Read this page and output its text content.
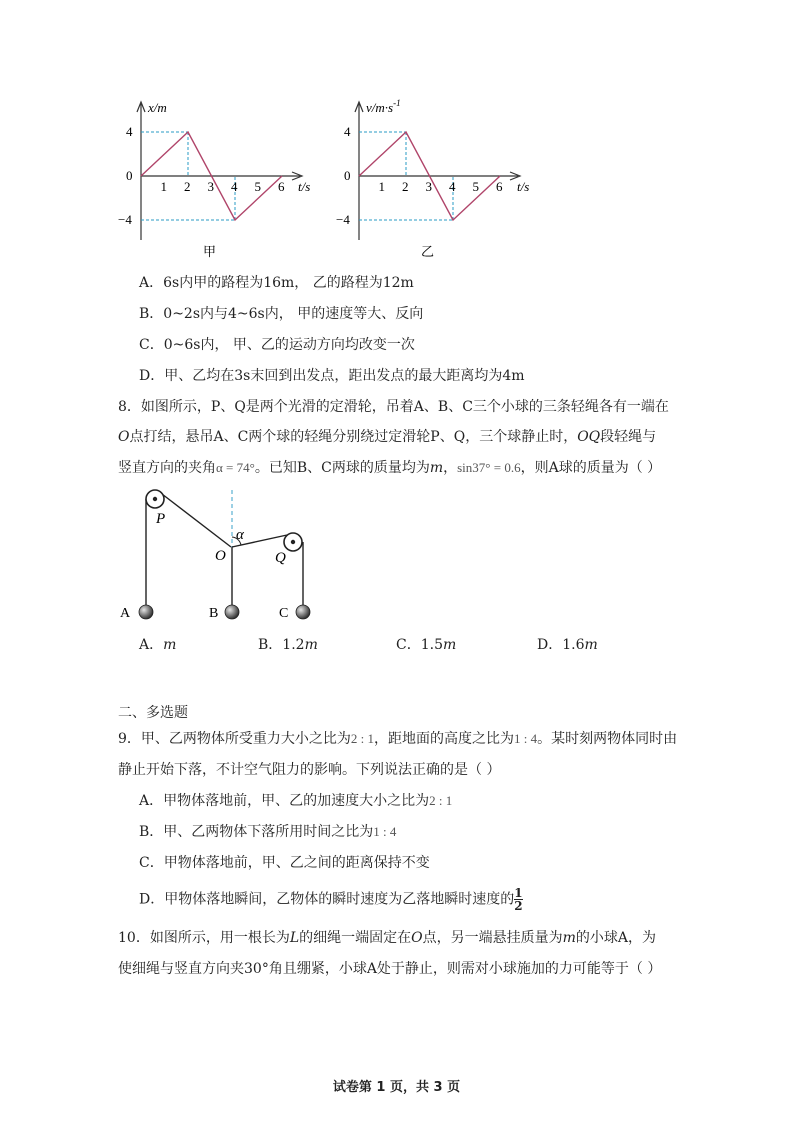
x/m
t/s
4
0
−4
1 2 3 4 5 6
甲
$v/m\cdot s^{-1}$
t/s
4
0
−4
1 2 3 4 5 6
乙
A．6s内甲的路程为16m， 乙的路程为12m
B．0~2s内与4~6s内， 甲的速度等大、反向
C．0~6s内， 甲、乙的运动方向均改变一次
D．甲、乙均在3s末回到出发点，距出发点的最大距离均为4m
8．如图所示，P、Q是两个光滑的定滑轮，吊着A、B、C三个小球的三条轻绳各有一端在
O点打结，悬吊A、C两个球的轻绳分别绕过定滑轮P、Q，三个球静止时，OQ段轻绳与
竖直方向的夹角α = 74°。已知B、C两球的质量均为m，sin37° = 0.6，则A球的质量为（ ）
P
Q
O
α
A	B	C
A．m	B．1.2m	C．1.5m	D．1.6m
二、多选题
9．甲、乙两物体所受重力大小之比为2 : 1，距地面的高度之比为1 : 4。某时刻两物体同时由
静止开始下落，不计空气阻力的影响。下列说法正确的是（ ）
A．甲物体落地前，甲、乙的加速度大小之比为2 : 1
B．甲、乙两物体下落所用时间之比为1 : 4
C．甲物体落地前，甲、乙之间的距离保持不变
D．甲物体落地瞬间，乙物体的瞬时速度为乙落地瞬时速度的 $\frac{1}{2}$
10．如图所示，用一根长为L的细绳一端固定在O点，另一端悬挂质量为m的小球A，为
使细绳与竖直方向夹30°角且绷紧，小球A处于静止，则需对小球施加的力可能等于（ ）
试卷第 1 页，共 3 页
